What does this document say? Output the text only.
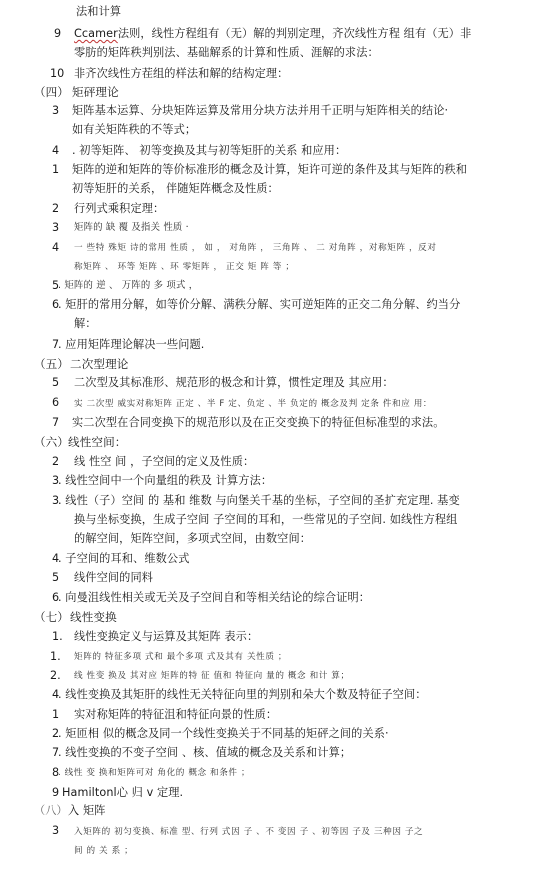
法和计算
9 Ccamer法则，线性方程组有（无）解的判别定理，齐次线性方程 组有（无）非
零肪的矩阵秩判别法、基础解系的计算和性质、涯解的求法：
10 非齐次线性方茬组的样法和解的结构定理：
（四） 矩砰理论
3 矩阵基本运算、分块矩阵运算及常用分块方法并用千正明与矩阵相关的结论·
如有关矩阵秩的不等式；
4 . 初等矩阵、 初等变换及其与初等矩肝的关系 和应用：
1 矩阵的逆和矩阵的等价标准形的概念及计算，矩许可逆的条件及其与矩阵的秩和
初等矩肝的关系， 伴随矩阵概念及性质：
2 行列式乘积定理：
3 矩阵的 缺 覆 及指关 性质 ·
4 一 些特 殊矩 诗的常用 性质 ， 如 ， 对角阵 ， 三角阵 、 二 对角阵 ，对称矩阵 ，反对
称矩阵 、 环等 矩阵 、环 零矩阵 ， 正交 矩 阵 等 ；
5
. 矩阵的 逆 、 万阵的 多 项式 ，
6
. 矩肝的常用分解，如等价分解、满秩分解、实可逆矩阵的正交二角分解、约当分
解：
7
. 应用矩阵理论解决一些问题.
（五） 二次型理论
5 二次型及其标准形、规范形的极念和计算，惯性定理及 其应用：
6 实 二次型 威实对称矩阵 正定 、半 F 定、负定 、半 负定的 概念及判 定条 件和应 用：
7 实二次型在合同变换下的规范形以及在正交变换下的特征但标准型的求法。
（六） 线性空间：
2 线 性空 间 ，子空间的定义及性质：
3
. 线性空间中一个向量组的秩及 计算方法：
3
. 线性（子）空间 的 基和 维数 与向堡关千基的坐标，子空间的圣扩充定理. 基变
换与坐标变换，生成子空间 子空间的耳和，一些常见的子空间. 如线性方程组
的解空间，矩阵空间，多项式空间，由数空间：
4
. 子空间的耳和、维数公式
5 线件空间的同料
6
. 向曼沮线性相关或无关及子空间自和等相关结论的综合证明：
（七） 线性变换
1. 线性变换定义与运算及其矩阵 表示：
1. 矩阵的 特征多项 式和 最个多项 式及其有 关性质 ；
2. 线 性变 换及 其对应 矩阵的特 征 值和 特征向 量的 概念 和计 算；
4
. 线性变换及其矩肝的线性无关特征向里的判别和朵大个数及特征子空间：
1 实对称矩阵的特征沮和特征向景的性质：
2
. 矩匝相 似的概念及同一个线性变换关于不同基的矩砰之间的关系·
7
. 线性变换的不变子空间 、核、值域的概念及关系和计算；
8
. 线性 变 换和矩阵可对 角化的 概念 和条件 ；
9 Hamiltonl心 归 v 定理.
（八） 入 矩阵
3 入矩阵的 初匀变换、标准 型、行列 式因 子 、不 变因 子 、初等因 子及 三种因 子之
间 的 关 系 ；
